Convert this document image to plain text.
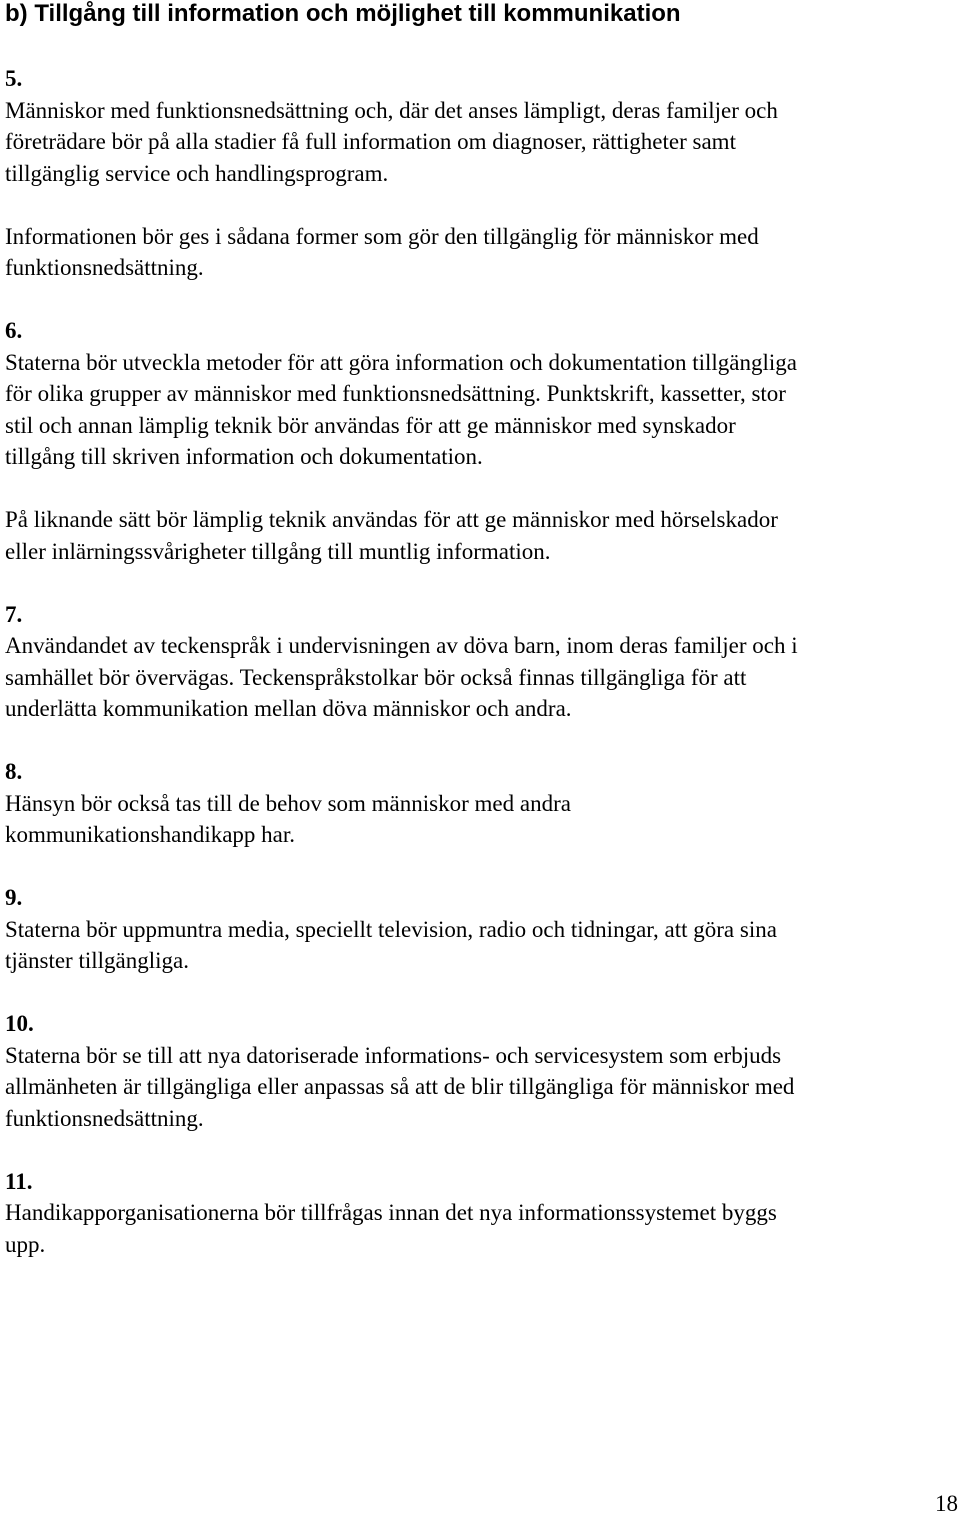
b) Tillgång till information och möjlighet till kommunikation
5.
Människor med funktionsnedsättning och, där det anses lämpligt, deras familjer och
företrädare bör på alla stadier få full information om diagnoser, rättigheter samt
tillgänglig service och handlingsprogram.
Informationen bör ges i sådana former som gör den tillgänglig för människor med
funktionsnedsättning.
6.
Staterna bör utveckla metoder för att göra information och dokumentation tillgängliga
för olika grupper av människor med funktionsnedsättning. Punktskrift, kassetter, stor
stil och annan lämplig teknik bör användas för att ge människor med synskador
tillgång till skriven information och dokumentation.
På liknande sätt bör lämplig teknik användas för att ge människor med hörselskador
eller inlärningssvårigheter tillgång till muntlig information.
7.
Användandet av teckenspråk i undervisningen av döva barn, inom deras familjer och i
samhället bör övervägas. Teckenspråkstolkar bör också finnas tillgängliga för att
underlätta kommunikation mellan döva människor och andra.
8.
Hänsyn bör också tas till de behov som människor med andra
kommunikationshandikapp har.
9.
Staterna bör uppmuntra media, speciellt television, radio och tidningar, att göra sina
tjänster tillgängliga.
10.
Staterna bör se till att nya datoriserade informations- och servicesystem som erbjuds
allmänheten är tillgängliga eller anpassas så att de blir tillgängliga för människor med
funktionsnedsättning.
11.
Handikapporganisationerna bör tillfrågas innan det nya informationssystemet byggs
upp.
18
